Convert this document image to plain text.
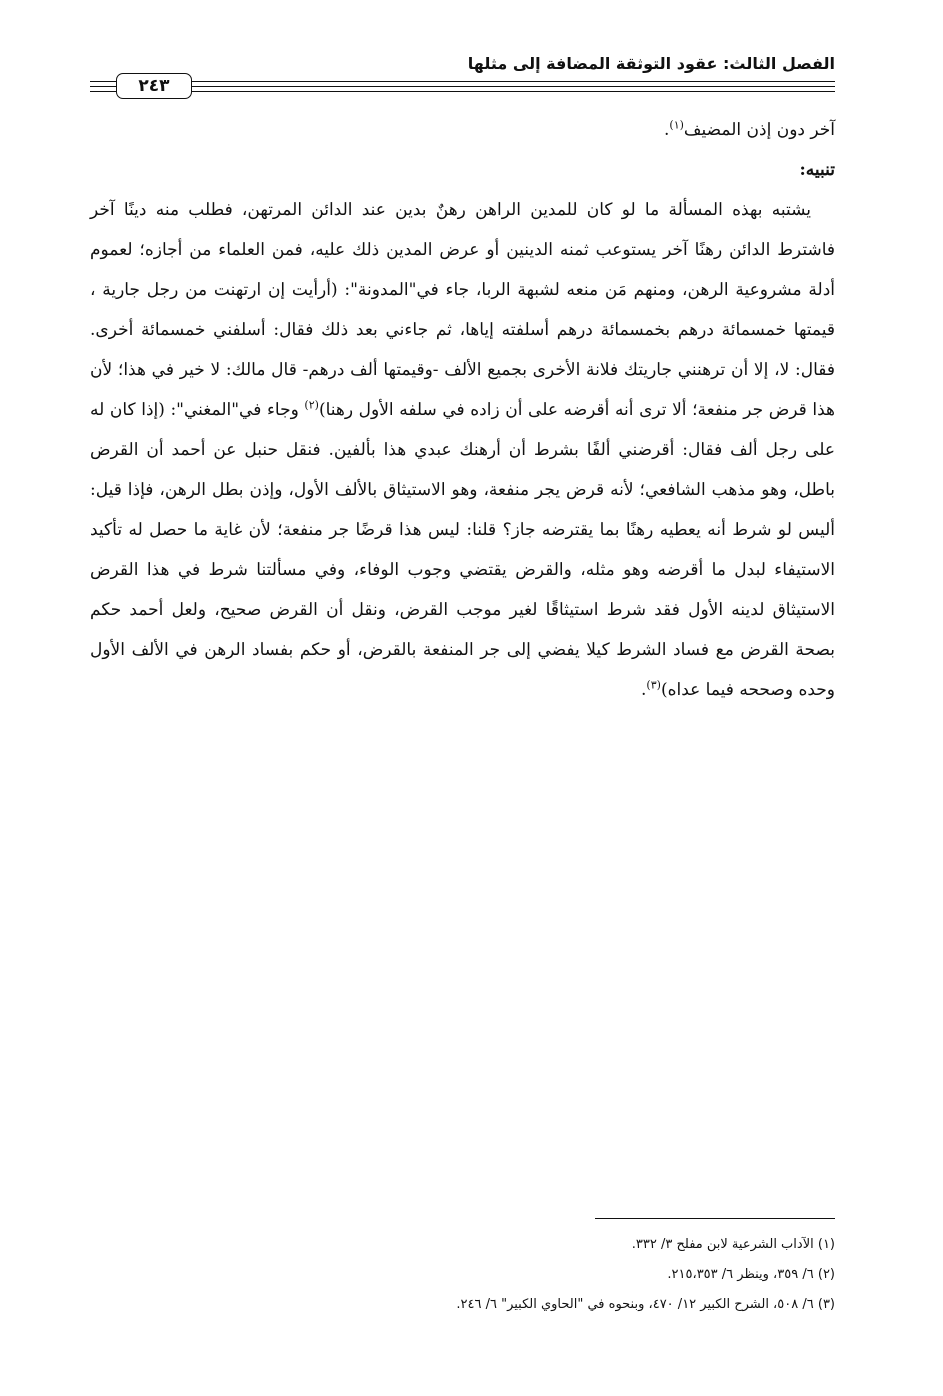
الفصل الثالث: عقود التوثقة المضافة إلى مثلها
٢٤٣

آخر دون إذن المضيف$^{(١)}$.

تنبيه:

يشتبه بهذه المسألة ما لو كان للمدين الراهن رهنٌ بدين عند الدائن المرتهن، فطلب منه دينًا آخر فاشترط الدائن رهنًا آخر يستوعب ثمنه الدينين أو عرض المدين ذلك عليه، فمن العلماء من أجازه؛ لعموم أدلة مشروعية الرهن، ومنهم مَن منعه لشبهة الربا، جاء في"المدونة": (أرأيت إن ارتهنت من رجل جارية ، قيمتها خمسمائة درهم بخمسمائة درهم أسلفته إياها، ثم جاءني بعد ذلك فقال: أسلفني خمسمائة أخرى. فقال: لا، إلا أن ترهنني جاريتك فلانة الأخرى بجميع الألف -وقيمتها ألف درهم- قال مالك: لا خير في هذا؛ لأن هذا قرض جر منفعة؛ ألا ترى أنه أقرضه على أن زاده في سلفه الأول رهنا)$^{(٢)}$ وجاء في"المغني": (إذا كان له على رجل ألف فقال: أقرضني ألفًا بشرط أن أرهنك عبدي هذا بألفين. فنقل حنبل عن أحمد أن القرض باطل، وهو مذهب الشافعي؛ لأنه قرض يجر منفعة، وهو الاستيثاق بالألف الأول، وإذن بطل الرهن، فإذا قيل: أليس لو شرط أنه يعطيه رهنًا بما يقترضه جاز؟ قلنا: ليس هذا قرضًا جر منفعة؛ لأن غاية ما حصل له تأكيد الاستيفاء لبدل ما أقرضه وهو مثله، والقرض يقتضي وجوب الوفاء، وفي مسألتنا شرط في هذا القرض الاستيثاق لدينه الأول فقد شرط استيثاقًا لغير موجب القرض، ونقل أن القرض صحيح، ولعل أحمد حكم بصحة القرض مع فساد الشرط كيلا يفضي إلى جر المنفعة بالقرض، أو حكم بفساد الرهن في الألف الأول وحده وصححه فيما عداه)$^{(٣)}$.

(١) الآداب الشرعية لابن مفلح ٣/ ٣٣٢.

(٢) ٦/ ٣٥٩، وينظر ٦/ ٢١٥،٣٥٣.

(٣) ٦/ ٥٠٨، الشرح الكبير ١٢/ ٤٧٠، وبنحوه في "الحاوي الكبير" ٦/ ٢٤٦.
